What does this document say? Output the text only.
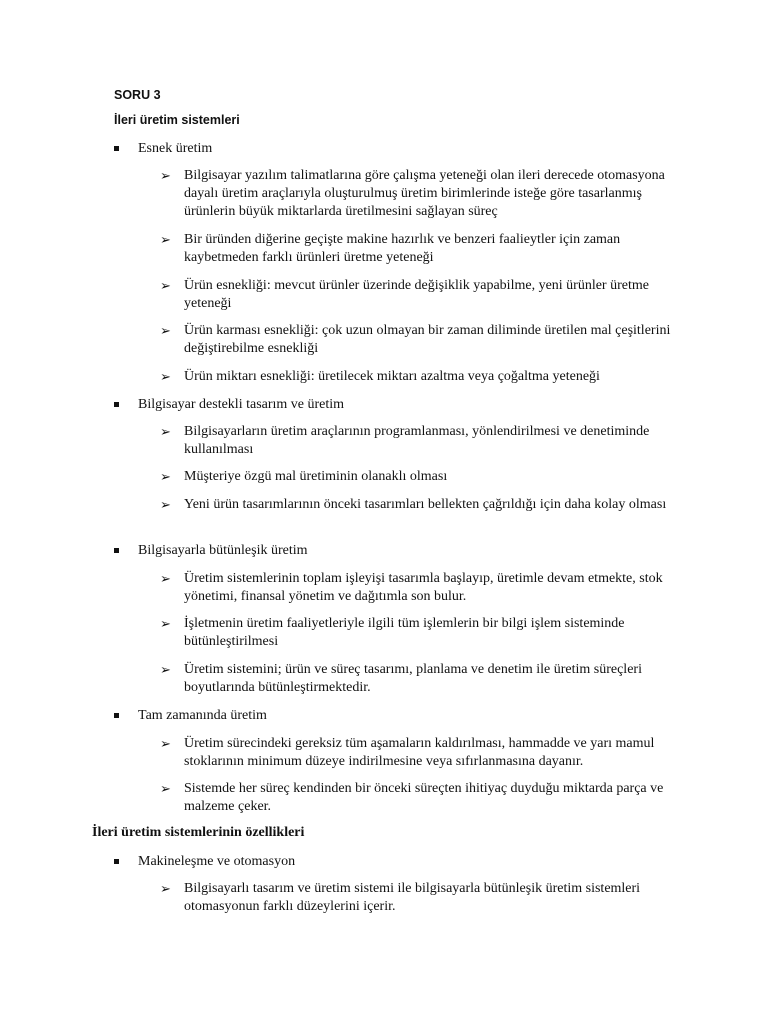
SORU 3
İleri üretim sistemleri
Esnek üretim
➢ Bilgisayar yazılım talimatlarına göre çalışma yeteneği olan ileri derecede otomasyona dayalı üretim araçlarıyla oluşturulmuş üretim birimlerinde isteğe göre tasarlanmış ürünlerin büyük miktarlarda üretilmesini sağlayan süreç
➢ Bir üründen diğerine geçişte makine hazırlık ve benzeri faalieytler için zaman kaybetmeden farklı ürünleri üretme yeteneği
➢ Ürün esnekliği: mevcut ürünler üzerinde değişiklik yapabilme, yeni ürünler üretme yeteneği
➢ Ürün karması esnekliği: çok uzun olmayan bir zaman diliminde üretilen mal çeşitlerini değiştirebilme esnekliği
➢ Ürün miktarı esnekliği: üretilecek miktarı azaltma veya çoğaltma yeteneği
Bilgisayar destekli tasarım ve üretim
➢ Bilgisayarların üretim araçlarının programlanması, yönlendirilmesi ve denetiminde kullanılması
➢ Müşteriye özgü mal üretiminin olanaklı olması
➢ Yeni ürün tasarımlarının önceki tasarımları bellekten çağrıldığı için daha kolay olması
Bilgisayarla bütünleşik üretim
➢ Üretim sistemlerinin toplam işleyişi tasarımla başlayıp, üretimle devam etmekte, stok yönetimi, finansal yönetim ve dağıtımla son bulur.
➢ İşletmenin üretim faaliyetleriyle ilgili tüm işlemlerin bir bilgi işlem sisteminde bütünleştirilmesi
➢ Üretim sistemini; ürün ve süreç tasarımı, planlama ve denetim ile üretim süreçleri boyutlarında bütünleştirmektedir.
Tam zamanında üretim
➢ Üretim sürecindeki gereksiz tüm aşamaların kaldırılması, hammadde ve yarı mamul stoklarının minimum düzeye indirilmesine veya sıfırlanmasına dayanır.
➢ Sistemde her süreç kendinden bir önceki süreçten ihitiyaç duyduğu miktarda parça ve malzeme çeker.
İleri üretim sistemlerinin özellikleri
Makineleşme ve otomasyon
➢ Bilgisayarlı tasarım ve üretim sistemi ile bilgisayarla bütünleşik üretim sistemleri otomasyonun farklı düzeylerini içerir.
